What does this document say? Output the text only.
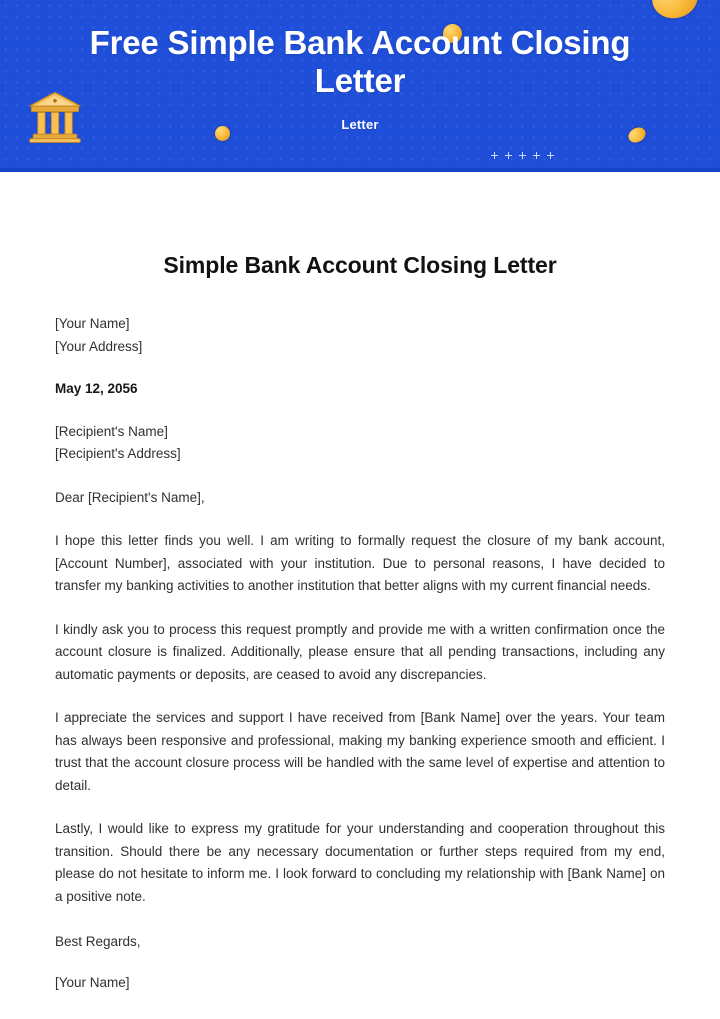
Free Simple Bank Account Closing Letter
Letter
Simple Bank Account Closing Letter
[Your Name]
[Your Address]
May 12, 2056
[Recipient's Name]
[Recipient's Address]
Dear [Recipient's Name],
I hope this letter finds you well. I am writing to formally request the closure of my bank account, [Account Number], associated with your institution. Due to personal reasons, I have decided to transfer my banking activities to another institution that better aligns with my current financial needs.
I kindly ask you to process this request promptly and provide me with a written confirmation once the account closure is finalized. Additionally, please ensure that all pending transactions, including any automatic payments or deposits, are ceased to avoid any discrepancies.
I appreciate the services and support I have received from [Bank Name] over the years. Your team has always been responsive and professional, making my banking experience smooth and efficient. I trust that the account closure process will be handled with the same level of expertise and attention to detail.
Lastly, I would like to express my gratitude for your understanding and cooperation throughout this transition. Should there be any necessary documentation or further steps required from my end, please do not hesitate to inform me. I look forward to concluding my relationship with [Bank Name] on a positive note.
Best Regards,
[Your Name]
